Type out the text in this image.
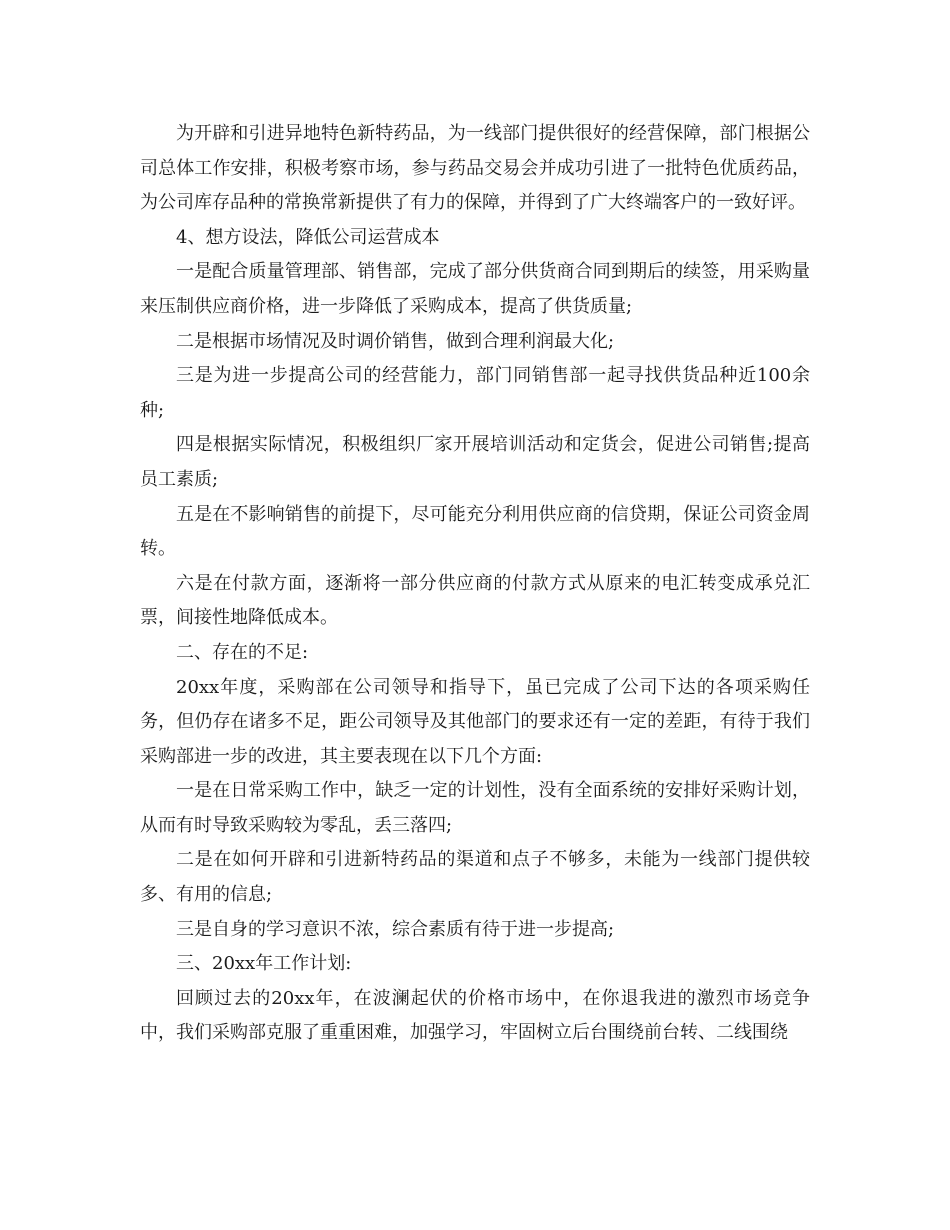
为开辟和引进异地特色新特药品，为一线部门提供很好的经营保障，部门根据公司总体工作安排，积极考察市场，参与药品交易会并成功引进了一批特色优质药品，为公司库存品种的常换常新提供了有力的保障，并得到了广大终端客户的一致好评。

4、想方设法，降低公司运营成本

一是配合质量管理部、销售部，完成了部分供货商合同到期后的续签，用采购量来压制供应商价格，进一步降低了采购成本，提高了供货质量;

二是根据市场情况及时调价销售，做到合理利润最大化;

三是为进一步提高公司的经营能力，部门同销售部一起寻找供货品种近100余种;

四是根据实际情况，积极组织厂家开展培训活动和定货会，促进公司销售;提高员工素质;

五是在不影响销售的前提下，尽可能充分利用供应商的信贷期，保证公司资金周转。

六是在付款方面，逐渐将一部分供应商的付款方式从原来的电汇转变成承兑汇票，间接性地降低成本。

二、存在的不足:

20xx年度，采购部在公司领导和指导下，虽已完成了公司下达的各项采购任务，但仍存在诸多不足，距公司领导及其他部门的要求还有一定的差距，有待于我们采购部进一步的改进，其主要表现在以下几个方面:

一是在日常采购工作中，缺乏一定的计划性，没有全面系统的安排好采购计划，从而有时导致采购较为零乱，丢三落四;

二是在如何开辟和引进新特药品的渠道和点子不够多，未能为一线部门提供较多、有用的信息;

三是自身的学习意识不浓，综合素质有待于进一步提高;

三、20xx年工作计划:

回顾过去的20xx年，在波澜起伏的价格市场中，在你退我进的激烈市场竞争中，我们采购部克服了重重困难，加强学习，牢固树立后台围绕前台转、二线围绕
